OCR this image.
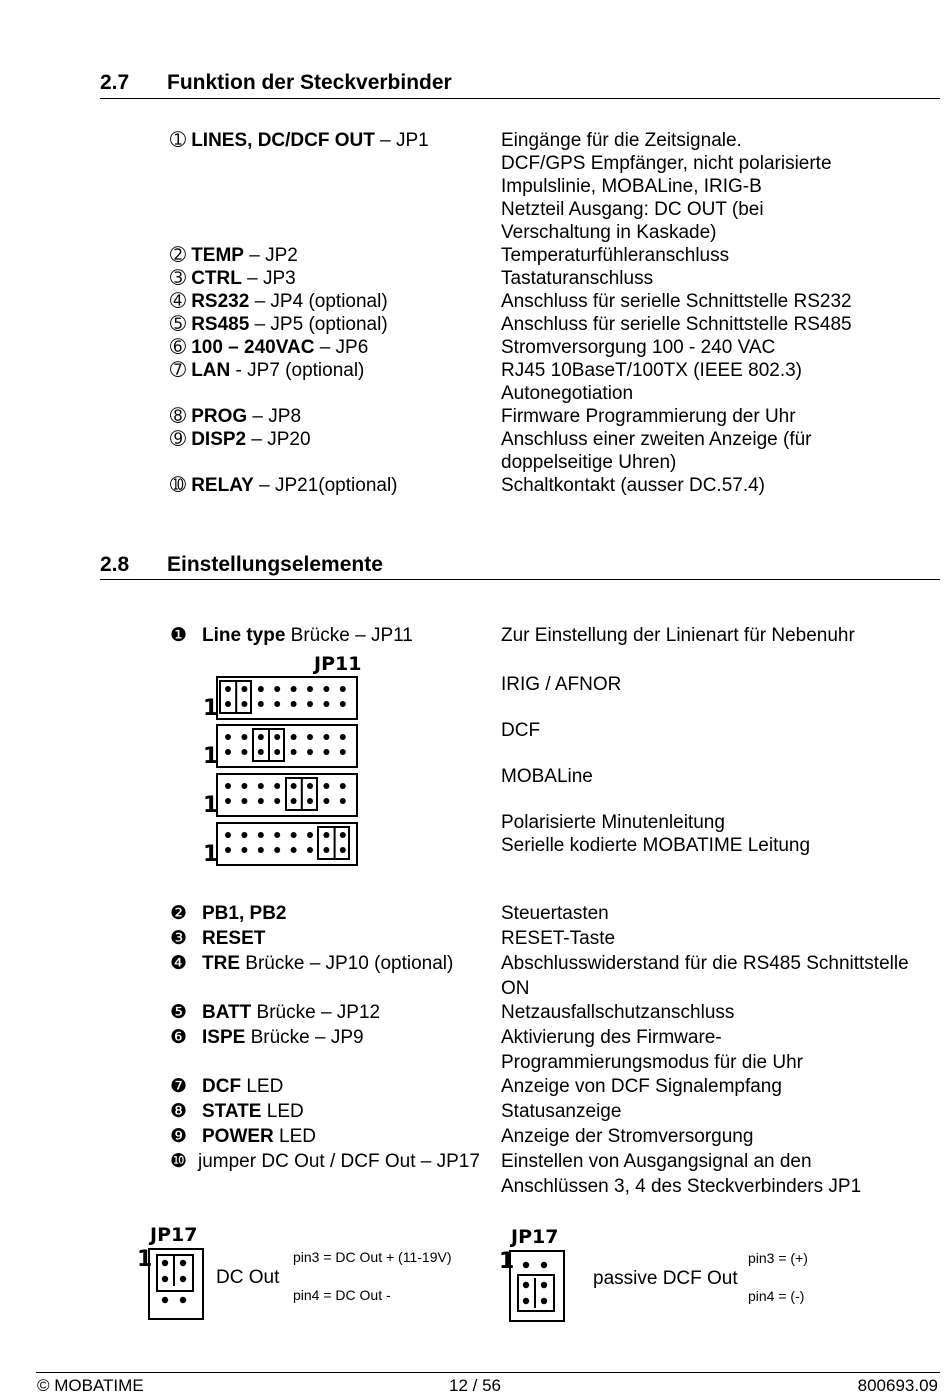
2.7 Funktion der Steckverbinder
➀ LINES, DC/DCF OUT – JP1	Eingänge für die Zeitsignale.
DCF/GPS Empfänger, nicht polarisierte
Impulslinie, MOBALine, IRIG-B
Netzteil Ausgang: DC OUT (bei
Verschaltung in Kaskade)
➁ TEMP – JP2	Temperaturfühleranschluss
➂ CTRL – JP3	Tastaturanschluss
➃ RS232 – JP4 (optional)	Anschluss für serielle Schnittstelle RS232
➄ RS485 – JP5 (optional)	Anschluss für serielle Schnittstelle RS485
➅ 100 – 240VAC – JP6	Stromversorgung 100 - 240 VAC
➆ LAN - JP7 (optional)	RJ45 10BaseT/100TX (IEEE 802.3)
Autonegotiation
➇ PROG – JP8	Firmware Programmierung der Uhr
➈ DISP2 – JP20	Anschluss einer zweiten Anzeige (für
doppelseitige Uhren)
➉ RELAY – JP21(optional)	Schaltkontakt (ausser DC.57.4)
2.8 Einstellungselemente
❶ Line type Brücke – JP11	Zur Einstellung der Linienart für Nebenuhr
JP11
1
1
1
1
IRIG / AFNOR
DCF
MOBALine
Polarisierte Minutenleitung
Serielle kodierte MOBATIME Leitung
❷ PB1, PB2	Steuertasten
❸ RESET	RESET-Taste
❹ TRE Brücke – JP10 (optional)	Abschlusswiderstand für die RS485 Schnittstelle
ON
❺ BATT Brücke – JP12	Netzausfallschutzanschluss
❻ ISPE Brücke – JP9	Aktivierung des Firmware-
Programmierungsmodus für die Uhr
❼ DCF LED	Anzeige von DCF Signalempfang
❽ STATE LED	Statusanzeige
❾ POWER LED	Anzeige der Stromversorgung
❿ jumper DC Out / DCF Out – JP17 Einstellen von Ausgangsignal an den
Anschlüssen 3, 4 des Steckverbinders JP1
JP17
1
DC Out
pin3 = DC Out + (11-19V)
pin4 = DC Out -
JP17
1
passive DCF Out
pin3 = (+)
pin4 = (-)
© MOBATIME	12 / 56	800693.09
